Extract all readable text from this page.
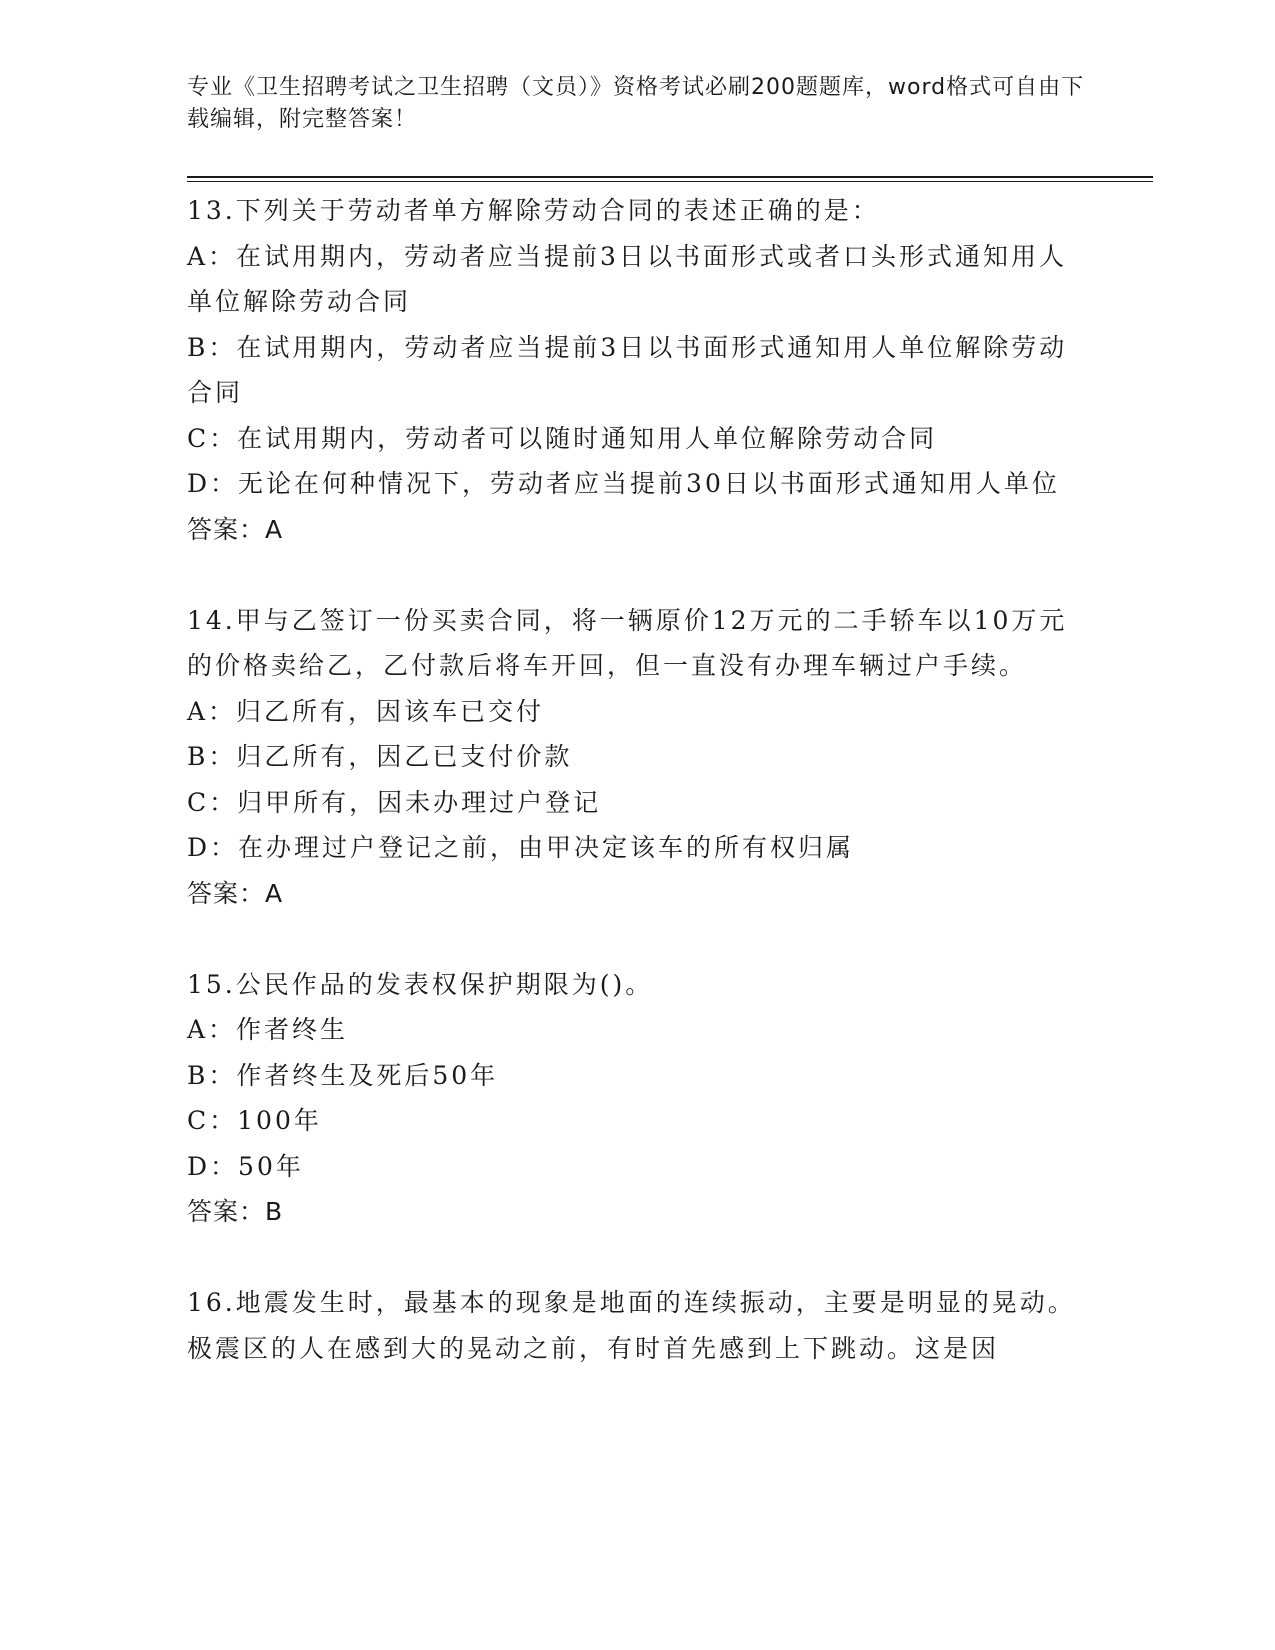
专业《卫生招聘考试之卫生招聘（文员）》资格考试必刷200题题库，word格式可自由下载编辑，附完整答案！

13.下列关于劳动者单方解除劳动合同的表述正确的是：

A：在试用期内，劳动者应当提前3日以书面形式或者口头形式通知用人单位解除劳动合同

B：在试用期内，劳动者应当提前3日以书面形式通知用人单位解除劳动合同

C：在试用期内，劳动者可以随时通知用人单位解除劳动合同

D：无论在何种情况下，劳动者应当提前30日以书面形式通知用人单位

答案：A

14.甲与乙签订一份买卖合同，将一辆原价12万元的二手轿车以10万元的价格卖给乙，乙付款后将车开回，但一直没有办理车辆过户手续。

A：归乙所有，因该车已交付

B：归乙所有，因乙已支付价款

C：归甲所有，因未办理过户登记

D：在办理过户登记之前，由甲决定该车的所有权归属

答案：A

15.公民作品的发表权保护期限为()。

A：作者终生

B：作者终生及死后50年

C：100年

D：50年

答案：B

16.地震发生时，最基本的现象是地面的连续振动，主要是明显的晃动。极震区的人在感到大的晃动之前，有时首先感到上下跳动。这是因
